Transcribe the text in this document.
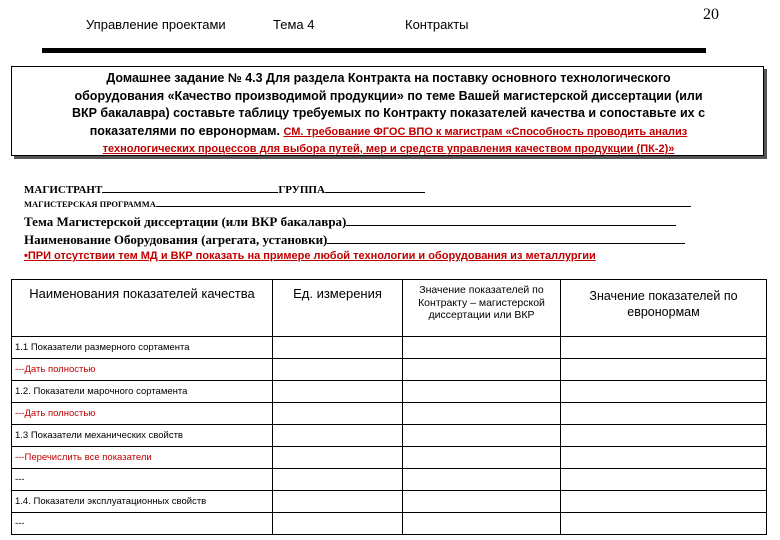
Управление проектами	Тема 4	Контракты
20
Домашнее задание № 4.3 Для раздела Контракта на поставку основного технологического
оборудования «Качество производимой продукции» по теме Вашей магистерской диссертации (или
ВКР бакалавра) составьте таблицу требуемых по Контракту показателей качества и сопоставьте их с
показателями по евронормам. СМ. требование ФГОС ВПО к магистрам «Способность проводить анализ
технологических процессов для выбора путей, мер и средств управления качеством продукции (ПК-2)»
МАГИСТРАНТ	ГРУППА
МАГИСТЕРСКАЯ ПРОГРАММА
Тема Магистерской диссертации (или ВКР бакалавра)
Наименование Оборудования (агрегата, установки)
•ПРИ отсутствии тем МД и ВКР показать на примере любой технологии и оборудования из металлургии
Наименования показателей качества	Ед. измерения	Значение показателей по Контракту – магистерской диссертации или ВКР	Значение показателей по евронормам
1.1 Показатели размерного сортамента			
---Дать полностью			
1.2. Показатели марочного сортамента			
---Дать полностью			
1.3 Показатели механических свойств			
---Перечислить все показатели			
---			
1.4. Показатели эксплуатационных свойств			
---			
